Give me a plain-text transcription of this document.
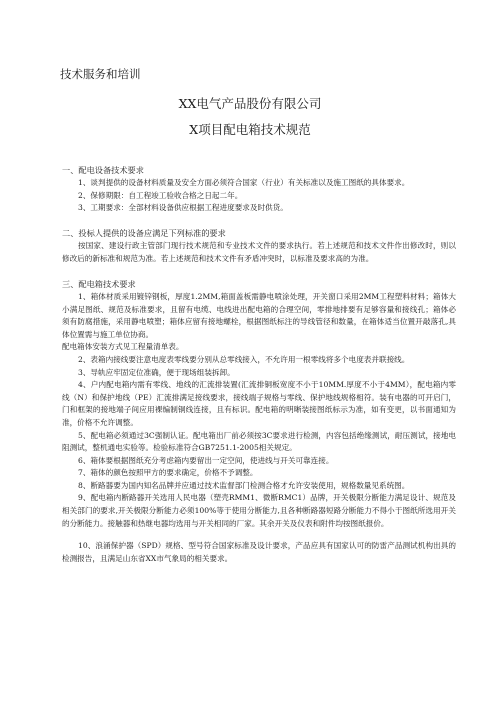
技术服务和培训
XX电气产品股份有限公司
X项目配电箱技术规范

一、配电设备技术要求

1、谈判提供的设备材料质量及安全方面必须符合国家（行业）有关标准以及施工图纸的具体要求。

2、保修期限：自工程竣工验收合格之日起二年。

3、工期要求：全部材料设备供应根据工程进度要求及时供货。

二、投标人提供的设备应满足下列标准的要求

按国家、建设行政主管部门现行技术规范和专业技术文件的要求执行。若上述规范和技术文件作出修改时，则以修改后的新标准和规范为准。若上述规范和技术文件有矛盾冲突时，以标准及要求高的为准。

三、配电箱技术要求

1、箱体材质采用镀锌钢板，厚度1.2MM,箱面盖板需静电喷涂处理，开关窗口采用2MM工程塑料材料；箱体大小满足图纸、规范及标准要求，且留有电缆、电线进出配电箱的合理空间，零排地排要有足够容量和接线孔；箱体必须有防腐措施，采用静电喷塑；箱体应留有接地螺栓，根据图纸标注的导线管径和数量，在箱体适当位置开敲落孔,具体位置需与施工单位协商。

配电箱体安装方式见工程量清单表。

2、表箱内接线要注意电度表零线要分别从总零线接入，不允许用一根零线将多个电度表并联接线。

3、导轨应牢固定位准确，便于现场组装拆卸。

4、户内配电箱内需有零线、地线的汇流排装置(汇流排铜板宽度不小于10MM.厚度不小于4MM），配电箱内零线（N）和保护地线（PE）汇流排满足接线要求，接线端子规格与零线、保护地线规格相符。装有电器的可开启门，门和框架的接地端子间应用裸编制铜线连接，且有标识。配电箱的明晰装接图纸标示为准，如有变更，以书面通知为准，价格不允许调整。

5、配电箱必须通过3C强制认证。配电箱出厂前必须按3C要求进行检测，内容包括绝缘测试，耐压测试，接地电阻测试，整机通电实验等。检验标准符合GB7251.1-2005相关规定。

6、箱体要根据图纸充分考虑箱内要留出一定空间，使进线与开关可靠连接。

7、箱体的颜色按照甲方的要求确定，价格不予调整。

8、断路器要为国内知名品牌并应通过技术监督部门检测合格才允许安装使用，规格数量见系统图。

9、配电箱内断路器开关选用人民电器（塑壳RMM1、微断RMC1）品牌，开关极限分断能力满足设计、规范及相关部门的要求,开关极限分断能力必须100%等于使用分断能力,且各种断路器短路分断能力不得小于图纸所选用开关的分断能力。接触器和热继电器均选用与开关相同的厂家。其余开关及仪表和附件均按图纸报价。

10、浪涌保护器（SPD）规格、型号符合国家标准及设计要求，产品应具有国家认可的防雷产品测试机构出具的检测报告，且满足山东省XX市气象局的相关要求。
